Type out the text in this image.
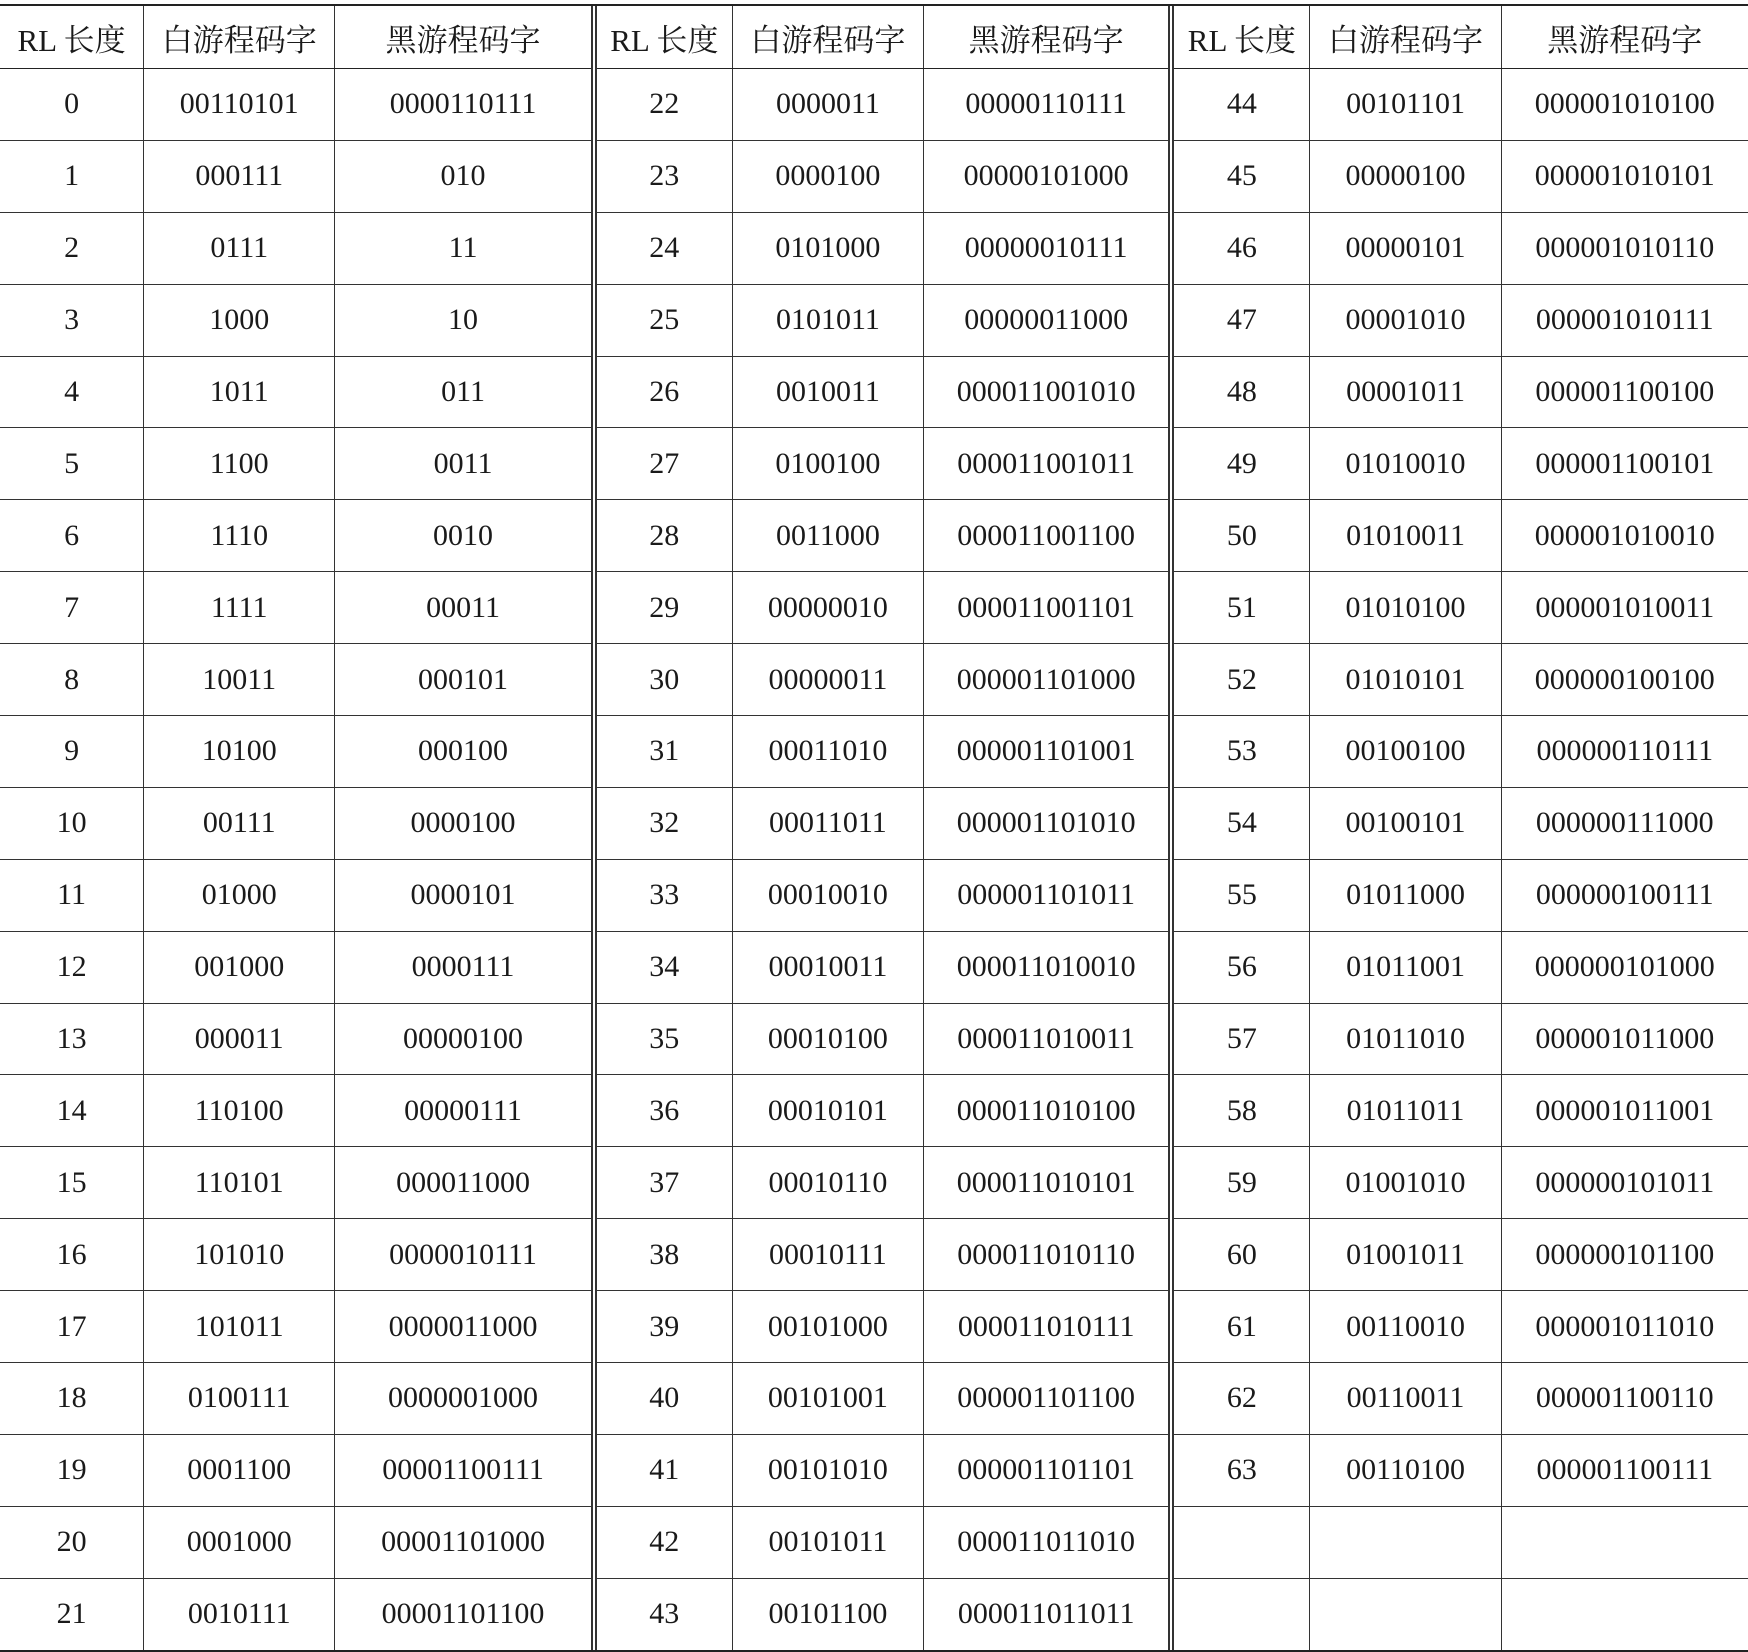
RL 长度	白游程码字	黑游程码字	RL 长度	白游程码字	黑游程码字	RL 长度	白游程码字	黑游程码字
0	00110101	0000110111	22	0000011	00000110111	44	00101101	000001010100
1	000111	010	23	0000100	00000101000	45	00000100	000001010101
2	0111	11	24	0101000	00000010111	46	00000101	000001010110
3	1000	10	25	0101011	00000011000	47	00001010	000001010111
4	1011	011	26	0010011	000011001010	48	00001011	000001100100
5	1100	0011	27	0100100	000011001011	49	01010010	000001100101
6	1110	0010	28	0011000	000011001100	50	01010011	000001010010
7	1111	00011	29	00000010	000011001101	51	01010100	000001010011
8	10011	000101	30	00000011	000001101000	52	01010101	000000100100
9	10100	000100	31	00011010	000001101001	53	00100100	000000110111
10	00111	0000100	32	00011011	000001101010	54	00100101	000000111000
11	01000	0000101	33	00010010	000001101011	55	01011000	000000100111
12	001000	0000111	34	00010011	000011010010	56	01011001	000000101000
13	000011	00000100	35	00010100	000011010011	57	01011010	000001011000
14	110100	00000111	36	00010101	000011010100	58	01011011	000001011001
15	110101	000011000	37	00010110	000011010101	59	01001010	000000101011
16	101010	0000010111	38	00010111	000011010110	60	01001011	000000101100
17	101011	0000011000	39	00101000	000011010111	61	00110010	000001011010
18	0100111	0000001000	40	00101001	000001101100	62	00110011	000001100110
19	0001100	00001100111	41	00101010	000001101101	63	00110100	000001100111
20	0001000	00001101000	42	00101011	000011011010			
21	0010111	00001101100	43	00101100	000011011011			
